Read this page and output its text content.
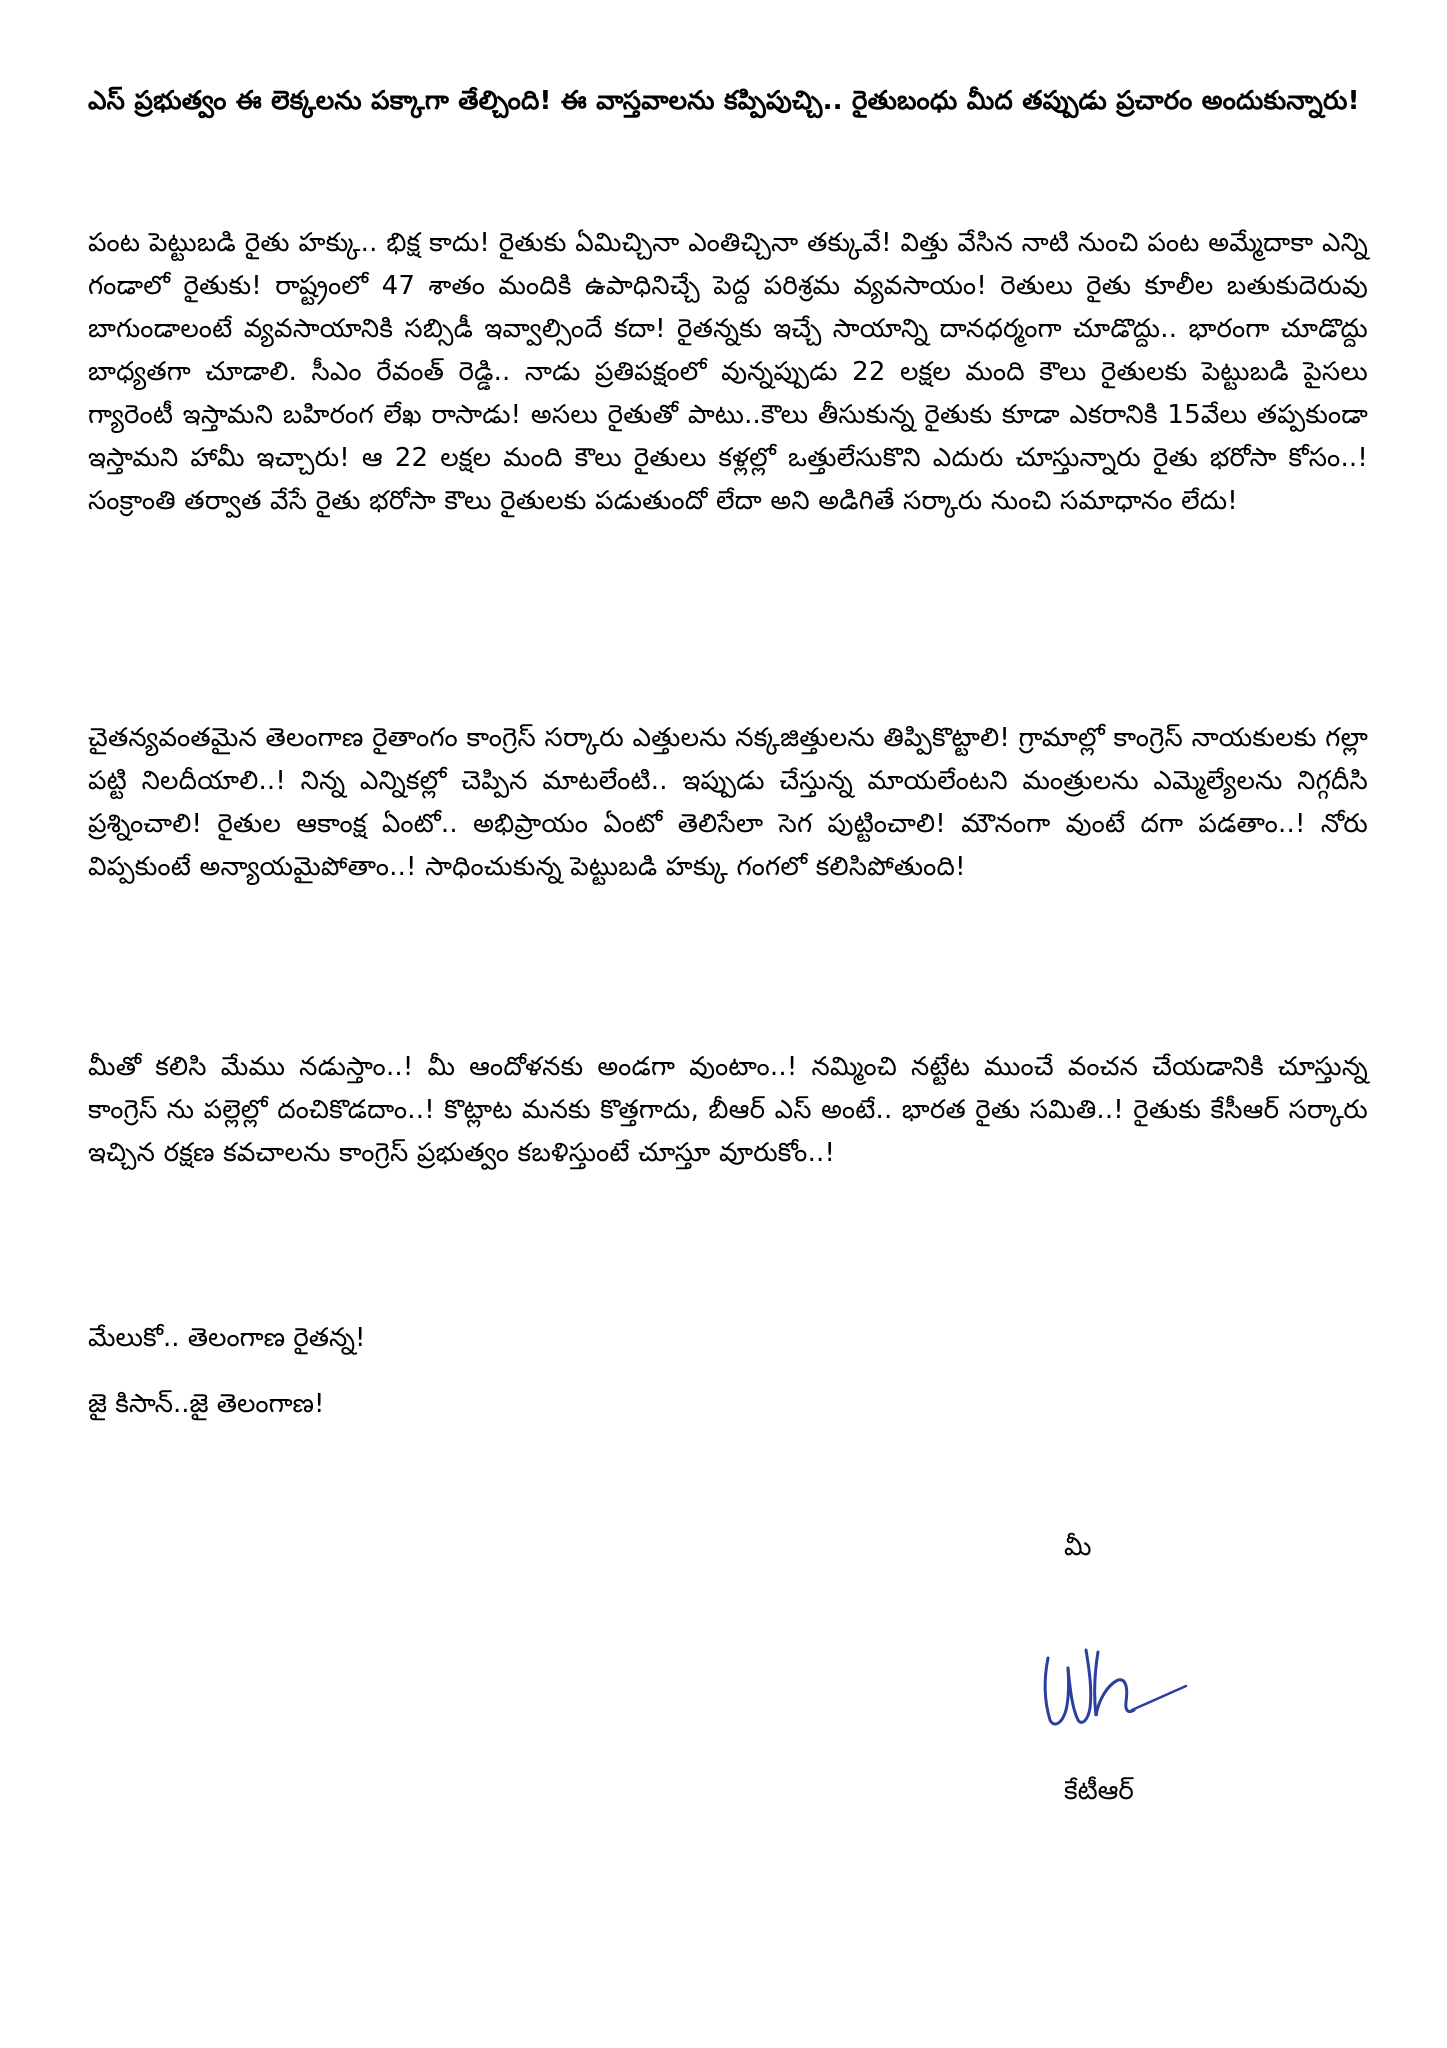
ఎస్ ప్రభుత్వం ఈ లెక్కలను పక్కాగా తేల్చింది! ఈ వాస్తవాలను కప్పిపుచ్చి.. రైతుబంధు మీద తప్పుడు ప్రచారం అందుకున్నారు!

పంట పెట్టుబడి రైతు హక్కు.. భిక్ష కాదు! రైతుకు ఏమిచ్చినా ఎంతిచ్చినా తక్కువే! విత్తు వేసిన నాటి నుంచి పంట అమ్మేదాకా ఎన్ని గండాలో రైతుకు! రాష్ట్రంలో 47 శాతం మందికి ఉపాధినిచ్చే పెద్ద పరిశ్రమ వ్యవసాయం! రెతులు రైతు కూలీల బతుకుదెరువు బాగుండాలంటే వ్యవసాయానికి సబ్సిడీ ఇవ్వాల్సిందే కదా! రైతన్నకు ఇచ్చే సాయాన్ని దానధర్మంగా చూడొద్దు.. భారంగా చూడొద్దు బాధ్యతగా చూడాలి. సీఎం రేవంత్ రెడ్డి.. నాడు ప్రతిపక్షంలో వున్నప్పుడు 22 లక్షల మంది కౌలు రైతులకు పెట్టుబడి పైసలు గ్యారెంటీ ఇస్తామని బహిరంగ లేఖ రాసాడు! అసలు రైతుతో పాటు..కౌలు తీసుకున్న రైతుకు కూడా ఎకరానికి 15వేలు తప్పకుండా ఇస్తామని హామీ ఇచ్చారు! ఆ 22 లక్షల మంది కౌలు రైతులు కళ్లల్లో ఒత్తులేసుకొని ఎదురు చూస్తున్నారు రైతు భరోసా కోసం..! సంక్రాంతి తర్వాత వేసే రైతు భరోసా కౌలు రైతులకు పడుతుందో లేదా అని అడిగితే సర్కారు నుంచి సమాధానం లేదు!

చైతన్యవంతమైన తెలంగాణ రైతాంగం కాంగ్రెస్ సర్కారు ఎత్తులను నక్కజిత్తులను తిప్పికొట్టాలి! గ్రామాల్లో కాంగ్రెస్ నాయకులకు గల్లా పట్టి నిలదీయాలి..! నిన్న ఎన్నికల్లో చెప్పిన మాటలేంటి.. ఇప్పుడు చేస్తున్న మాయలేంటని మంత్రులను ఎమ్మెల్యేలను నిగ్గదీసి ప్రశ్నించాలి! రైతుల ఆకాంక్ష ఏంటో.. అభిప్రాయం ఏంటో తెలిసేలా సెగ పుట్టించాలి! మౌనంగా వుంటే దగా పడతాం..! నోరు విప్పకుంటే అన్యాయమైపోతాం..! సాధించుకున్న పెట్టుబడి హక్కు గంగలో కలిసిపోతుంది!

మీతో కలిసి మేము నడుస్తాం..! మీ ఆందోళనకు అండగా వుంటాం..! నమ్మించి నట్టేట ముంచే వంచన చేయడానికి చూస్తున్న కాంగ్రెస్ ను పల్లెల్లో దంచికొడదాం..! కొట్లాట మనకు కొత్తగాదు, బీఆర్ ఎస్ అంటే.. భారత రైతు సమితి..! రైతుకు కేసీఆర్ సర్కారు ఇచ్చిన రక్షణ కవచాలను కాంగ్రెస్ ప్రభుత్వం కబళిస్తుంటే చూస్తూ వూరుకోం..!

మేలుకో.. తెలంగాణ రైతన్న!

జై కిసాన్..జై తెలంగాణ!

మీ

కేటీఆర్
